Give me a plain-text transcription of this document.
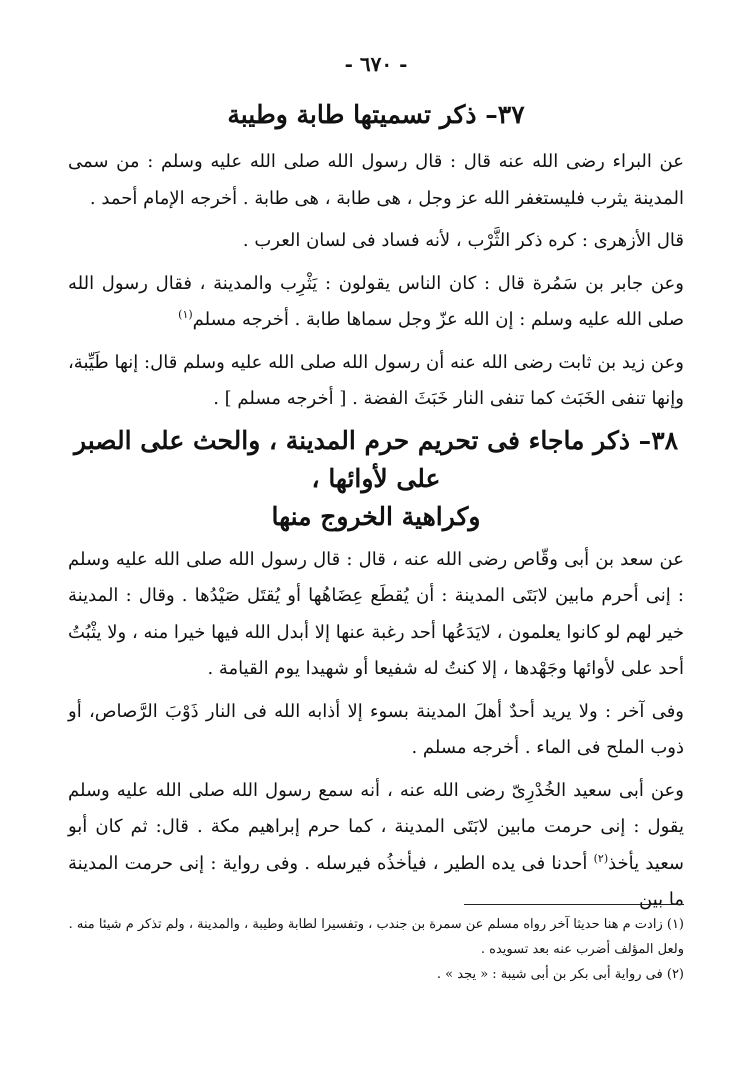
- ٦٧٠ -
٣٧– ذكر تسميتها طابة وطيبة

عن البراء رضى الله عنه قال : قال رسول الله صلى الله عليه وسلم : من سمى المدينة يثرب فليستغفر الله عز وجل ، هى طابة ، هى طابة . أخرجه الإمام أحمد .

قال الأزهرى : كره ذكر الثَّرْب ، لأنه فساد فى لسان العرب .

وعن جابر بن سَمُرة قال : كان الناس يقولون : يَثْرِب والمدينة ، فقال رسول الله صلى الله عليه وسلم : إن الله عزّ وجل سماها طابة . أخرجه مسلم$^{(١)}$

وعن زيد بن ثابت رضى الله عنه أن رسول الله صلى الله عليه وسلم قال: إنها طَيِّبة، وإنها تنفى الخَبَث كما تنفى النار خَبَثَ الفضة . [ أخرجه مسلم ] .

٣٨– ذكر ماجاء فى تحريم حرم المدينة ، والحث على الصبر على لأوائها ،
وكراهية الخروج منها

عن سعد بن أبى وقّاص رضى الله عنه ، قال : قال رسول الله صلى الله عليه وسلم : إنى أحرم مابين لابَتَى المدينة : أن يُقطَع عِضَاهُها أو يُقتَل صَيْدُها . وقال : المدينة خير لهم لو كانوا يعلمون ، لايَدَعُها أحد رغبة عنها إلا أبدل الله فيها خيرا منه ، ولا يثْبُتُ أحد على لأوائها وجَهْدها ، إلا كنتُ له شفيعا أو شهيدا يوم القيامة .

وفى آخر : ولا يريد أحدٌ أهلَ المدينة بسوء إلا أذابه الله فى النار ذَوْبَ الرَّصاص، أو ذوب الملح فى الماء . أخرجه مسلم .

وعن أبى سعيد الخُدْرِىّ رضى الله عنه ، أنه سمع رسول الله صلى الله عليه وسلم يقول : إنى حرمت مابين لابَتَى المدينة ، كما حرم إبراهيم مكة . قال: ثم كان أبو سعيد يأخذ$^{(٢)}$ أحدنا فى يده الطير ، فيأخذُه فيرسله . وفى رواية : إنى حرمت المدينة ما بين

(١) زادت م هنا حديثا آخر رواه مسلم عن سمرة بن جندب ، وتفسيرا لطابة وطيبة ، والمدينة ، ولم تذكر م شيئا منه . ولعل المؤلف أضرب عنه بعد تسويده .

(٢) فى رواية أبى بكر بن أبى شيبة : « يجد » .
